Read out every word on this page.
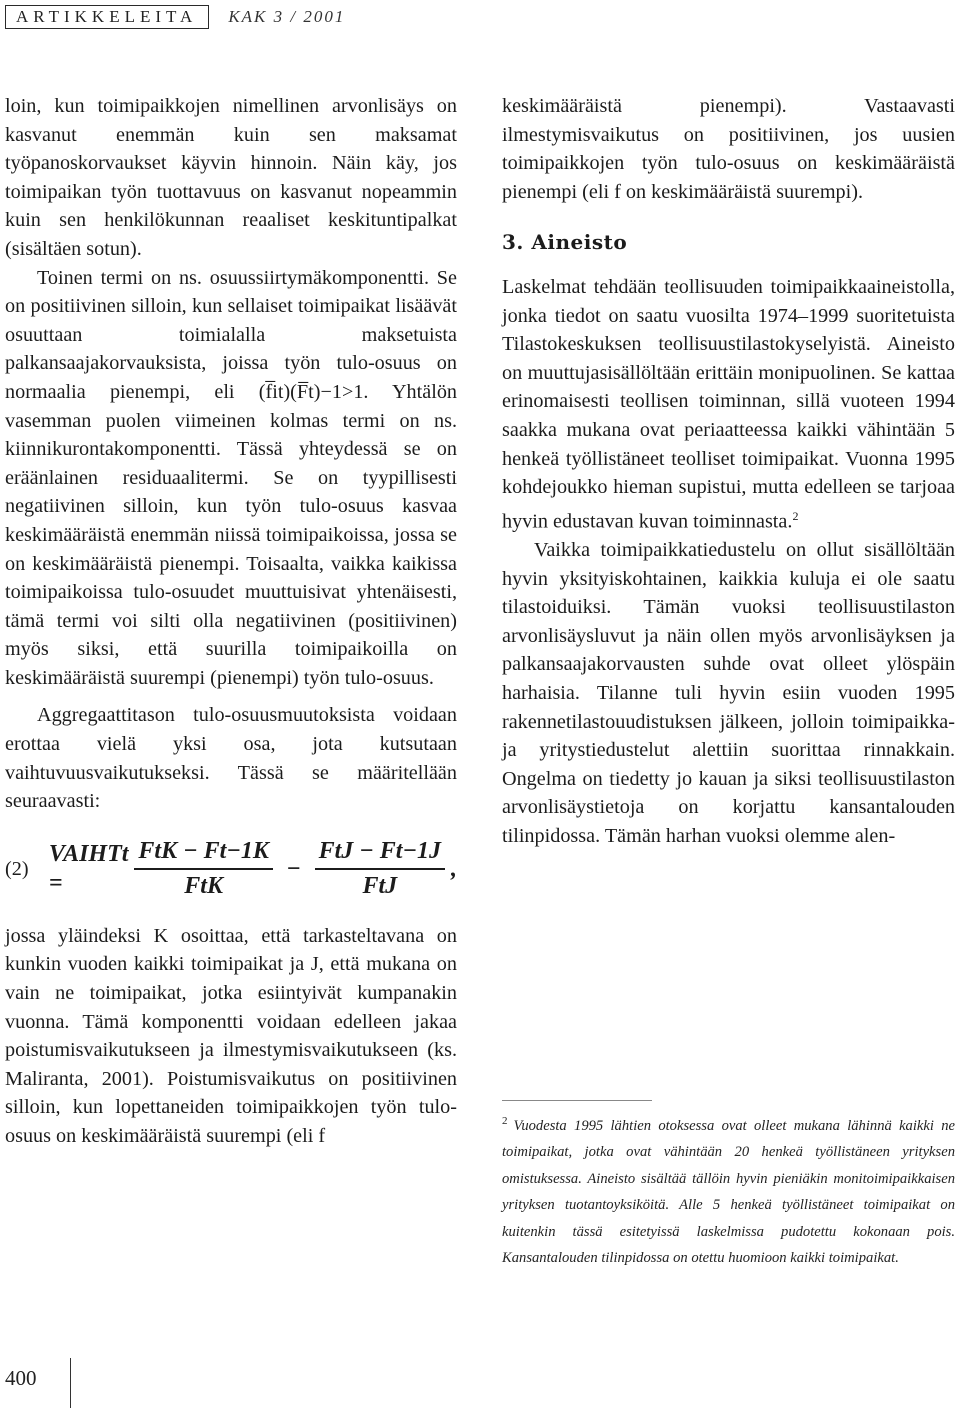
ARTIKKELEITA	KAK 3 / 2001

loin, kun toimipaikkojen nimellinen arvonlisäys on kasvanut enemmän kuin sen maksamat työpanoskorvaukset käyvin hinnoin. Näin käy, jos toimipaikan työn tuottavuus on kasvanut nopeammin kuin sen henkilökunnan reaaliset keskituntipalkat (sisältäen sotun).

Toinen termi on ns. osuussiirtymäkomponentti. Se on positiivinen silloin, kun sellaiset toimipaikat lisäävät osuuttaan toimialalla maksetuista palkansaajakorvauksista, joissa työn tulo-osuus on normaalia pienempi, eli (f̅it)(F̅t)−1>1. Yhtälön vasemman puolen viimeinen kolmas termi on ns. kiinnikurontakomponentti. Tässä yhteydessä se on eräänlainen residuaalitermi. Se on tyypillisesti negatiivinen silloin, kun työn tulo-osuus kasvaa keskimääräistä enemmän niissä toimipaikoissa, jossa se on keskimääräistä pienempi. Toisaalta, vaikka kaikissa toimipaikoissa tulo-osuudet muuttuisivat yhtenäisesti, tämä termi voi silti olla negatiivinen (positiivinen) myös siksi, että suurilla toimipaikoilla on keskimääräistä suurempi (pienempi) työn tulo-osuus.

Aggregaattitason tulo-osuusmuutoksista voidaan erottaa vielä yksi osa, jota kutsutaan vaihtuvuusvaikutukseksi. Tässä se määritellään seuraavasti:

(2)
VAIHTt =	$\frac{\text{FtK − Ft−1K}}{\text{FtK}} - \frac{\text{FtJ − Ft−1J}}{\text{FtJ}}$ ,

jossa yläindeksi K osoittaa, että tarkasteltavana on kunkin vuoden kaikki toimipaikat ja J, että mukana on vain ne toimipaikat, jotka esiintyivät kumpanakin vuonna. Tämä komponentti voidaan edelleen jakaa poistumisvaikutukseen ja ilmestymisvaikutukseen (ks. Maliranta, 2001). Poistumisvaikutus on positiivinen silloin, kun lopettaneiden toimipaikkojen työn tulo-osuus on keskimääräistä suurempi (eli f

keskimääräistä pienempi). Vastaavasti ilmestymisvaikutus on positiivinen, jos uusien toimipaikkojen työn tulo-osuus on keskimääräistä pienempi (eli f on keskimääräistä suurempi).

3. Aineisto

Laskelmat tehdään teollisuuden toimipaikkaaineistolla, jonka tiedot on saatu vuosilta 1974–1999 suoritetuista Tilastokeskuksen teollisuustilastokyselyistä. Aineisto on muuttujasisällöltään erittäin monipuolinen. Se kattaa erinomaisesti teollisen toiminnan, sillä vuoteen 1994 saakka mukana ovat periaatteessa kaikki vähintään 5 henkeä työllistäneet teolliset toimipaikat. Vuonna 1995 kohdejoukko hieman supistui, mutta edelleen se tarjoaa hyvin edustavan kuvan toiminnasta.$^2$

Vaikka toimipaikkatiedustelu on ollut sisällöltään hyvin yksityiskohtainen, kaikkia kuluja ei ole saatu tilastoiduiksi. Tämän vuoksi teollisuustilaston arvonlisäysluvut ja näin ollen myös arvonlisäyksen ja palkansaajakorvausten suhde ovat olleet ylöspäin harhaisia. Tilanne tuli hyvin esiin vuoden 1995 rakennetilastouudistuksen jälkeen, jolloin toimipaikka- ja yritystiedustelut alettiin suorittaa rinnakkain. Ongelma on tiedetty jo kauan ja siksi teollisuustilaston arvonlisäystietoja on korjattu kansantalouden tilinpidossa. Tämän harhan vuoksi olemme alen-

$^2$ Vuodesta 1995 lähtien otoksessa ovat olleet mukana lähinnä kaikki ne toimipaikat, jotka ovat vähintään 20 henkeä työllistäneen yrityksen omistuksessa. Aineisto sisältää tällöin hyvin pieniäkin monitoimipaikkaisen yrityksen tuotantoyksiköitä. Alle 5 henkeä työllistäneet toimipaikat on kuitenkin tässä esitetyissä laskelmissa pudotettu kokonaan pois. Kansantalouden tilinpidossa on otettu huomioon kaikki toimipaikat.
400
